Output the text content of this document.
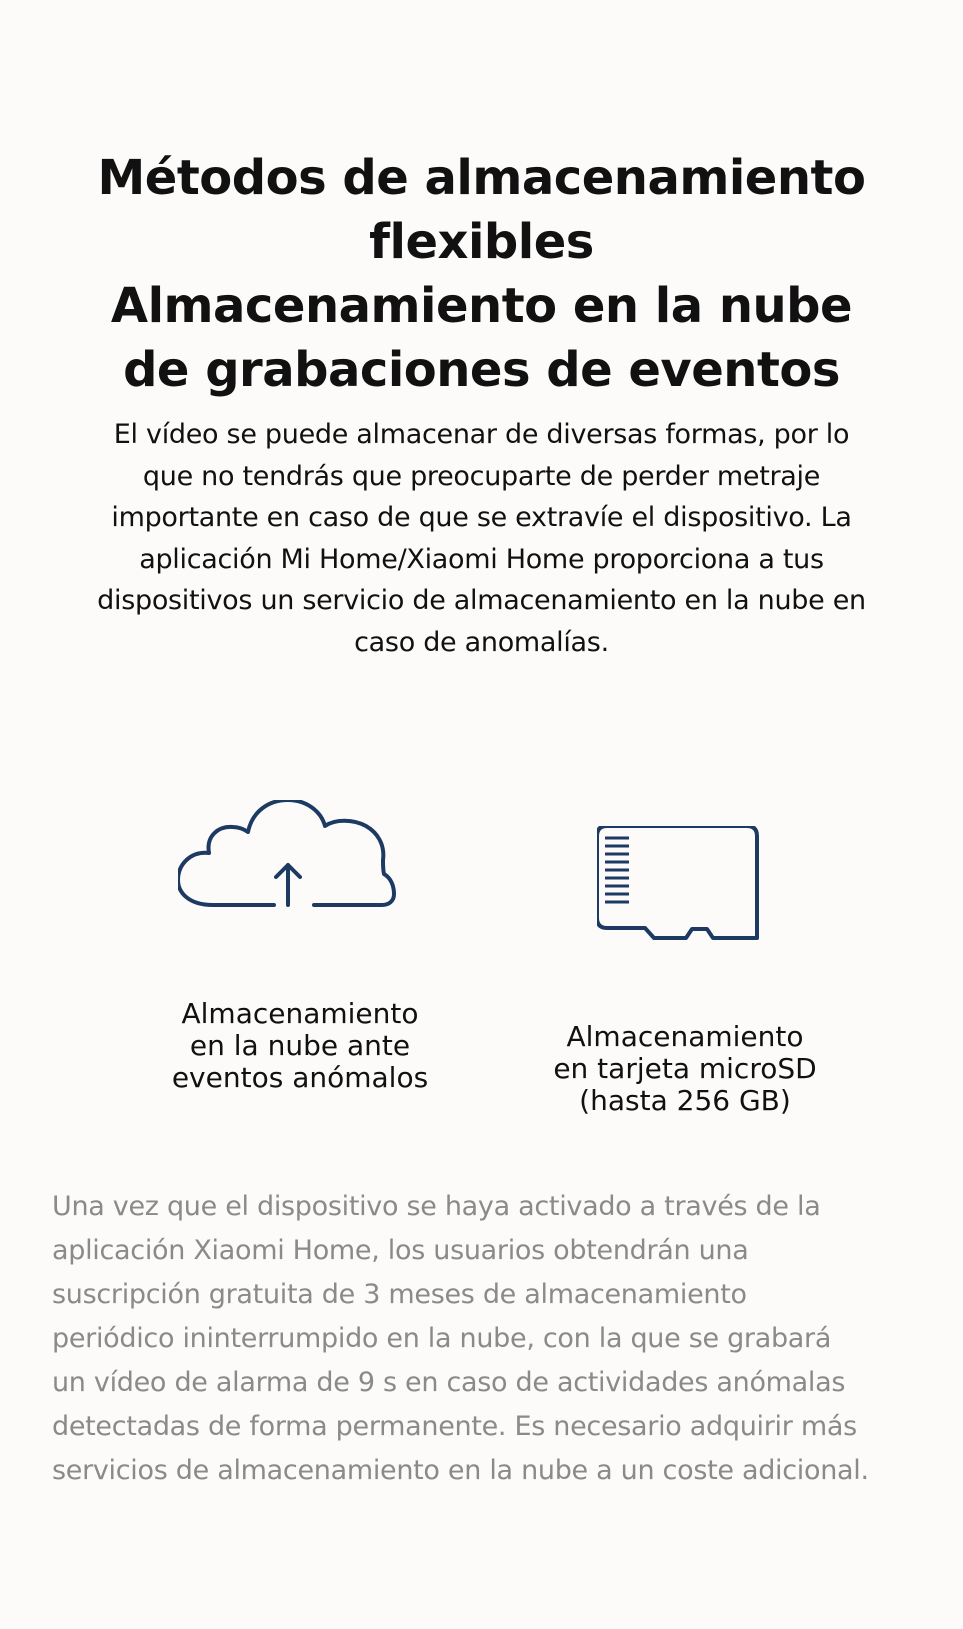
Métodos de almacenamiento
flexibles
Almacenamiento en la nube
de grabaciones de eventos

El vídeo se puede almacenar de diversas formas, por lo
que no tendrás que preocuparte de perder metraje
importante en caso de que se extravíe el dispositivo. La
aplicación Mi Home/Xiaomi Home proporciona a tus
dispositivos un servicio de almacenamiento en la nube en
caso de anomalías.

Almacenamiento
en la nube ante
eventos anómalos

Almacenamiento
en tarjeta microSD
(hasta 256 GB)

Una vez que el dispositivo se haya activado a través de la
aplicación Xiaomi Home, los usuarios obtendrán una
suscripción gratuita de 3 meses de almacenamiento
periódico ininterrumpido en la nube, con la que se grabará
un vídeo de alarma de 9 s en caso de actividades anómalas
detectadas de forma permanente. Es necesario adquirir más
servicios de almacenamiento en la nube a un coste adicional.
